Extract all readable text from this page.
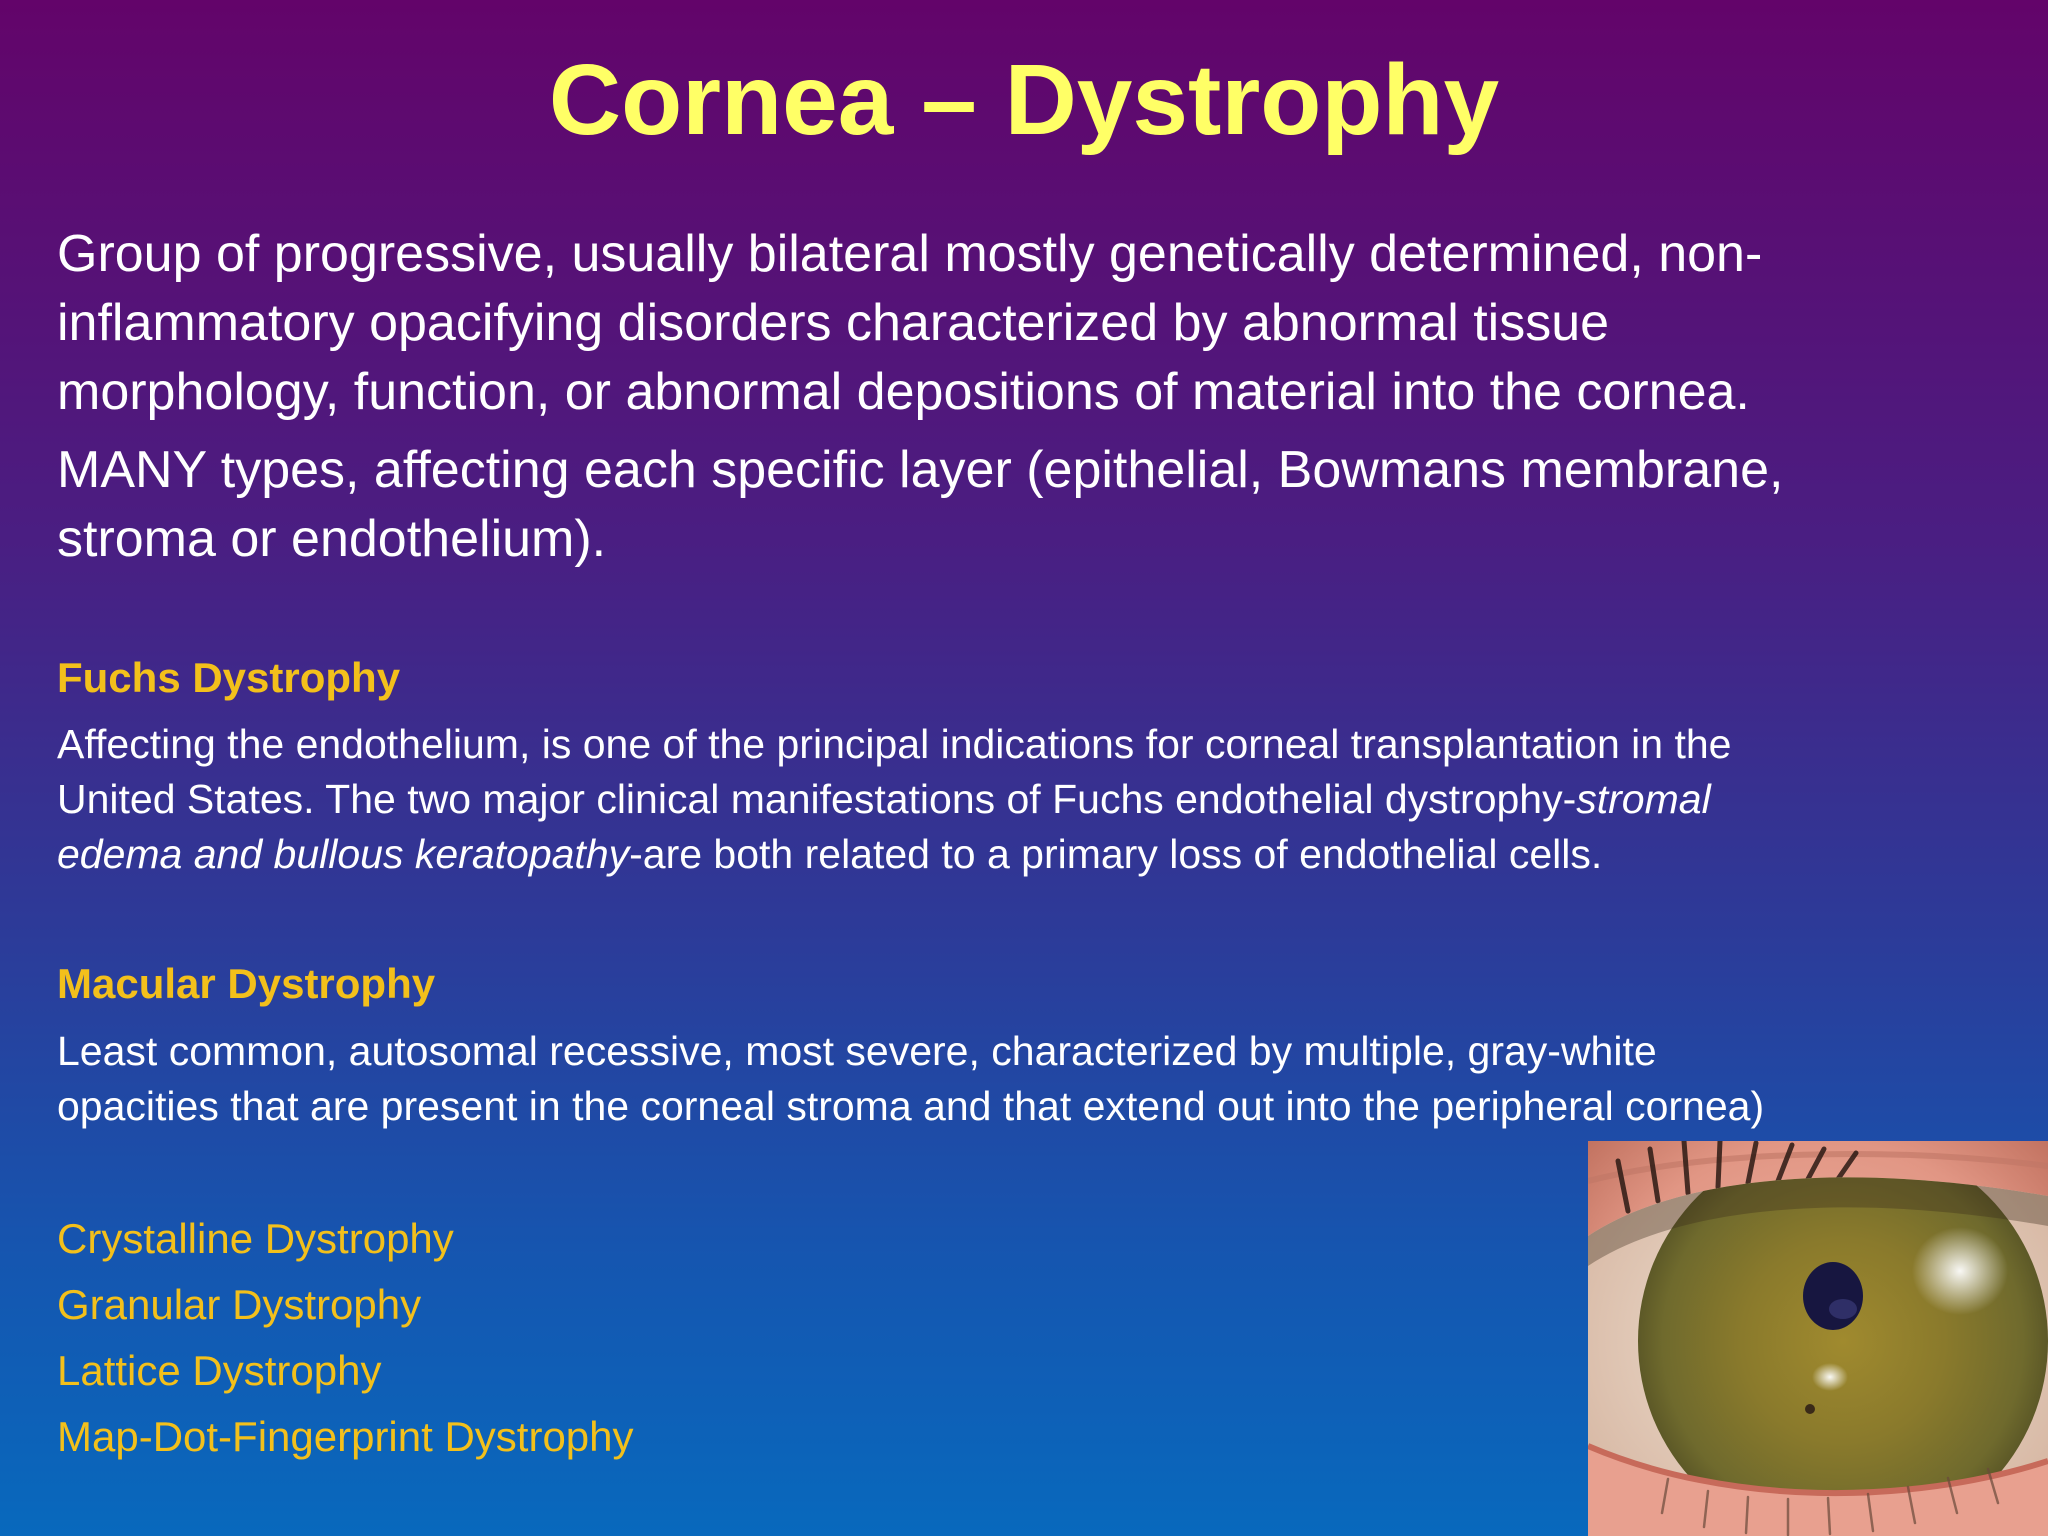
Cornea – Dystrophy

Group of progressive, usually bilateral mostly genetically determined, non-
inflammatory opacifying disorders characterized by abnormal tissue
morphology, function, or abnormal depositions of material into the cornea.

MANY types, affecting each specific layer (epithelial, Bowmans membrane,
stroma or endothelium).

Fuchs Dystrophy

Affecting the endothelium, is one of the principal indications for corneal transplantation in the
United States. The two major clinical manifestations of Fuchs endothelial dystrophy-stromal
edema and bullous keratopathy-are both related to a primary loss of endothelial cells.

Macular Dystrophy

Least common, autosomal recessive, most severe, characterized by multiple, gray-white
opacities that are present in the corneal stroma and that extend out into the peripheral cornea)

Crystalline Dystrophy
Granular Dystrophy
Lattice Dystrophy
Map-Dot-Fingerprint Dystrophy
